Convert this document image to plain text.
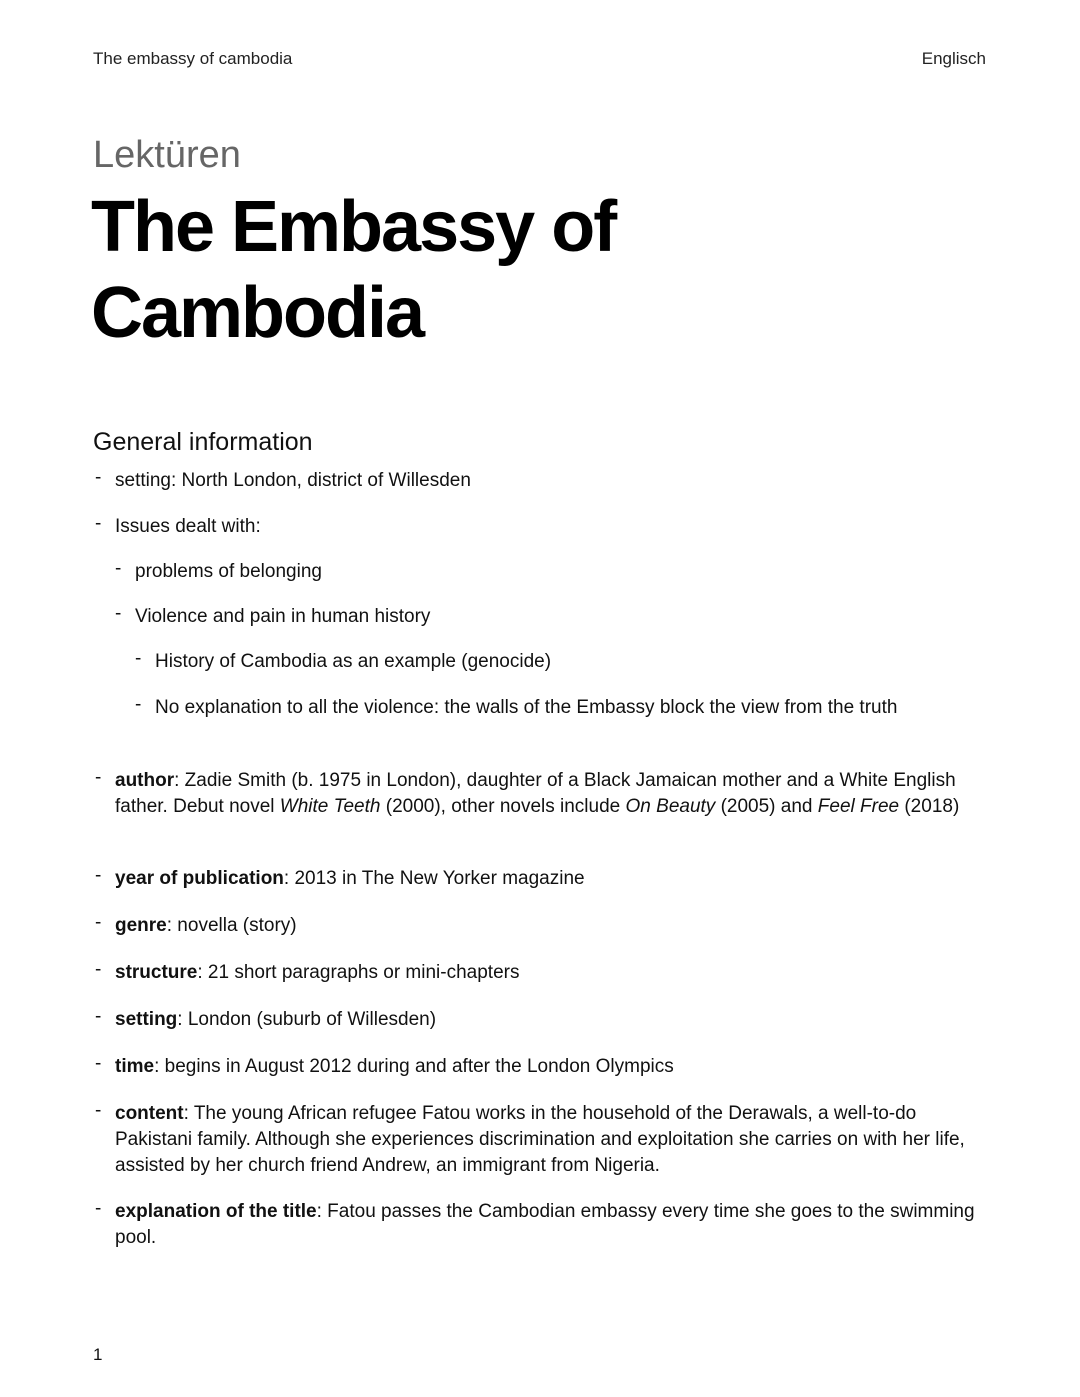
The embassy of cambodia	Englisch
Lektüren
The Embassy of Cambodia
General information
- setting: North London, district of Willesden
- Issues dealt with:
- problems of belonging
- Violence and pain in human history
- History of Cambodia as an example (genocide)
- No explanation to all the violence: the walls of the Embassy block the view from the truth
- author: Zadie Smith (b. 1975 in London), daughter of a Black Jamaican mother and a White English father. Debut novel White Teeth (2000), other novels include On Beauty (2005) and Feel Free (2018)
- year of publication: 2013 in The New Yorker magazine
- genre: novella (story)
- structure: 21 short paragraphs or mini-chapters
- setting: London (suburb of Willesden)
- time: begins in August 2012 during and after the London Olympics
- content: The young African refugee Fatou works in the household of the Derawals, a well-to-do Pakistani family. Although she experiences discrimination and exploitation she carries on with her life, assisted by her church friend Andrew, an immigrant from Nigeria.
- explanation of the title: Fatou passes the Cambodian embassy every time she goes to the swimming pool.
1
